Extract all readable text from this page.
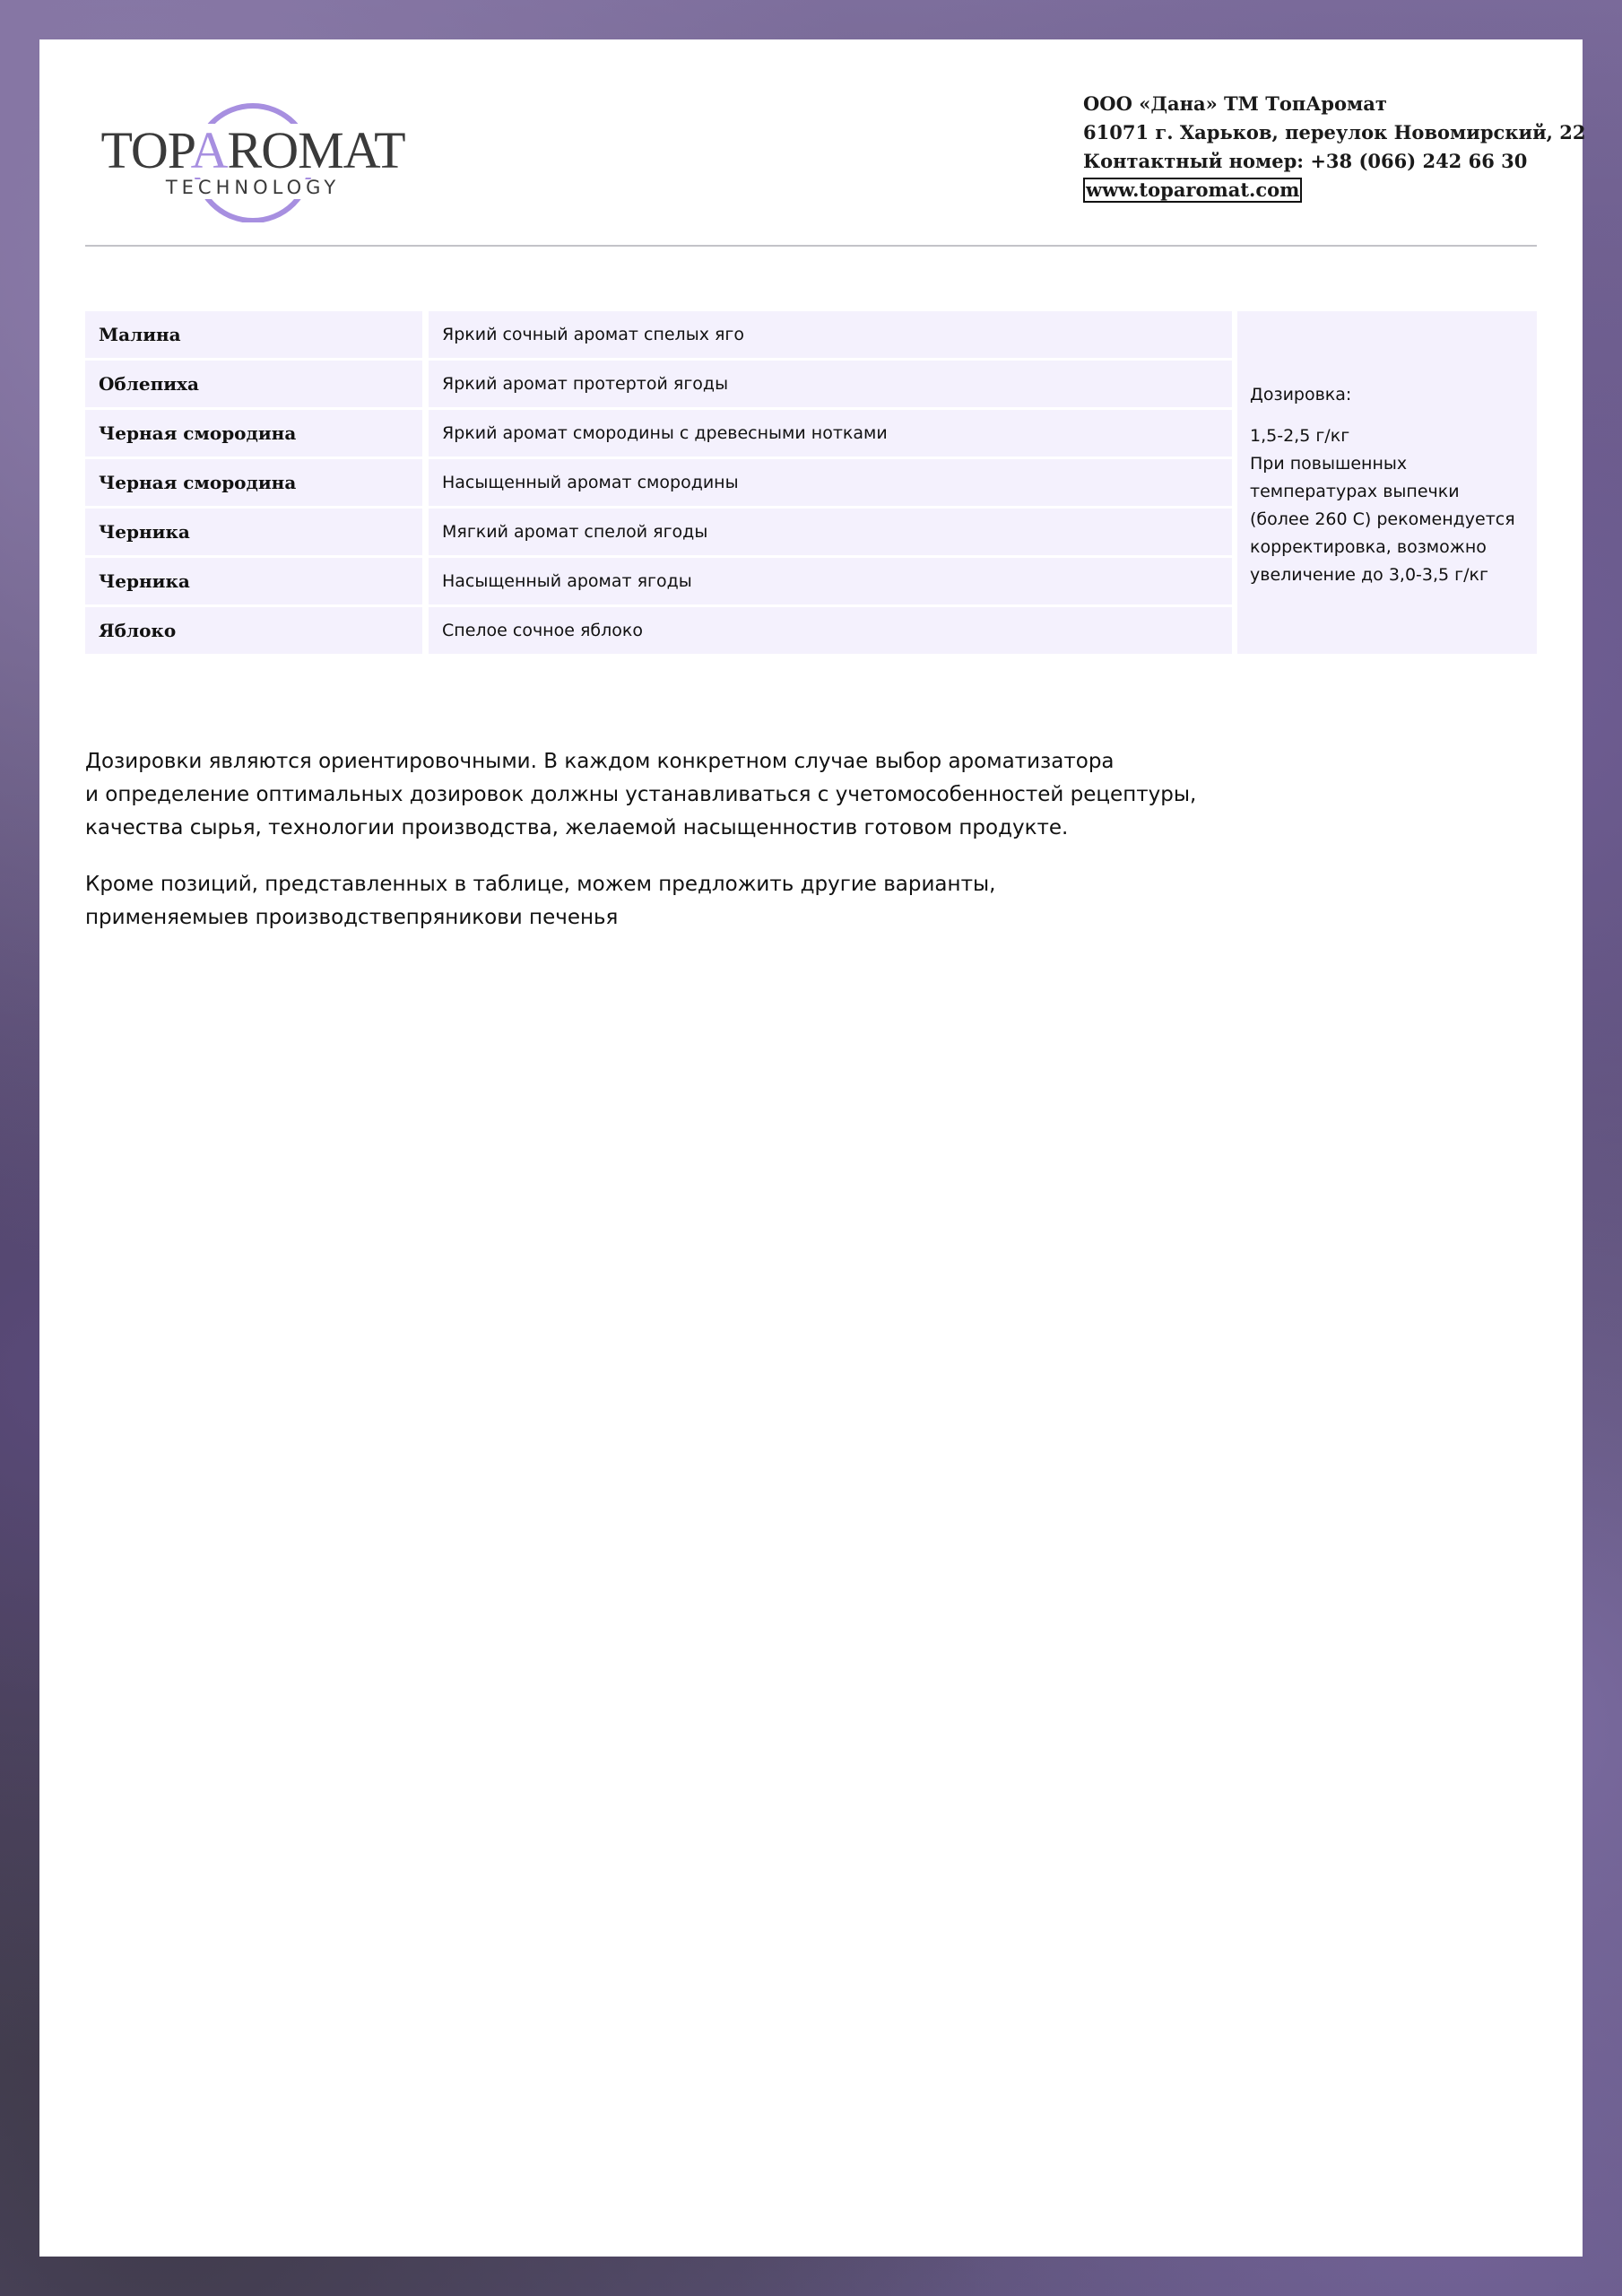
TOPAROMAT
TECHNOLOGY
ООО «Дана» ТМ ТопАромат
61071 г. Харьков, переулок Новомирский, 22
Контактный номер: +38 (066) 242 66 30
www.toparomat.com
Малина	Яркий сочный аромат спелых яго
Облепиха	Яркий аромат протертой ягоды
Черная смородина	Яркий аромат смородины с древесными нотками
Черная смородина	Насыщенный аромат смородины
Черника	Мягкий аромат спелой ягоды
Черника	Насыщенный аромат ягоды
Яблоко	Спелое сочное яблоко
Дозировка:
1,5-2,5 г/кг
При повышенных
температурах выпечки
(более 260 С) рекомендуется
корректировка, возможно
увеличение до 3,0-3,5 г/кг
Дозировки являются ориентировочными. В каждом конкретном случае выбор ароматизатора
и определение оптимальных дозировок должны устанавливаться с учетомособенностей рецептуры,
качества сырья, технологии производства, желаемой насыщенностив готовом продукте.
Кроме позиций, представленных в таблице, можем предложить другие варианты,
применяемыев производствепряникови печенья
